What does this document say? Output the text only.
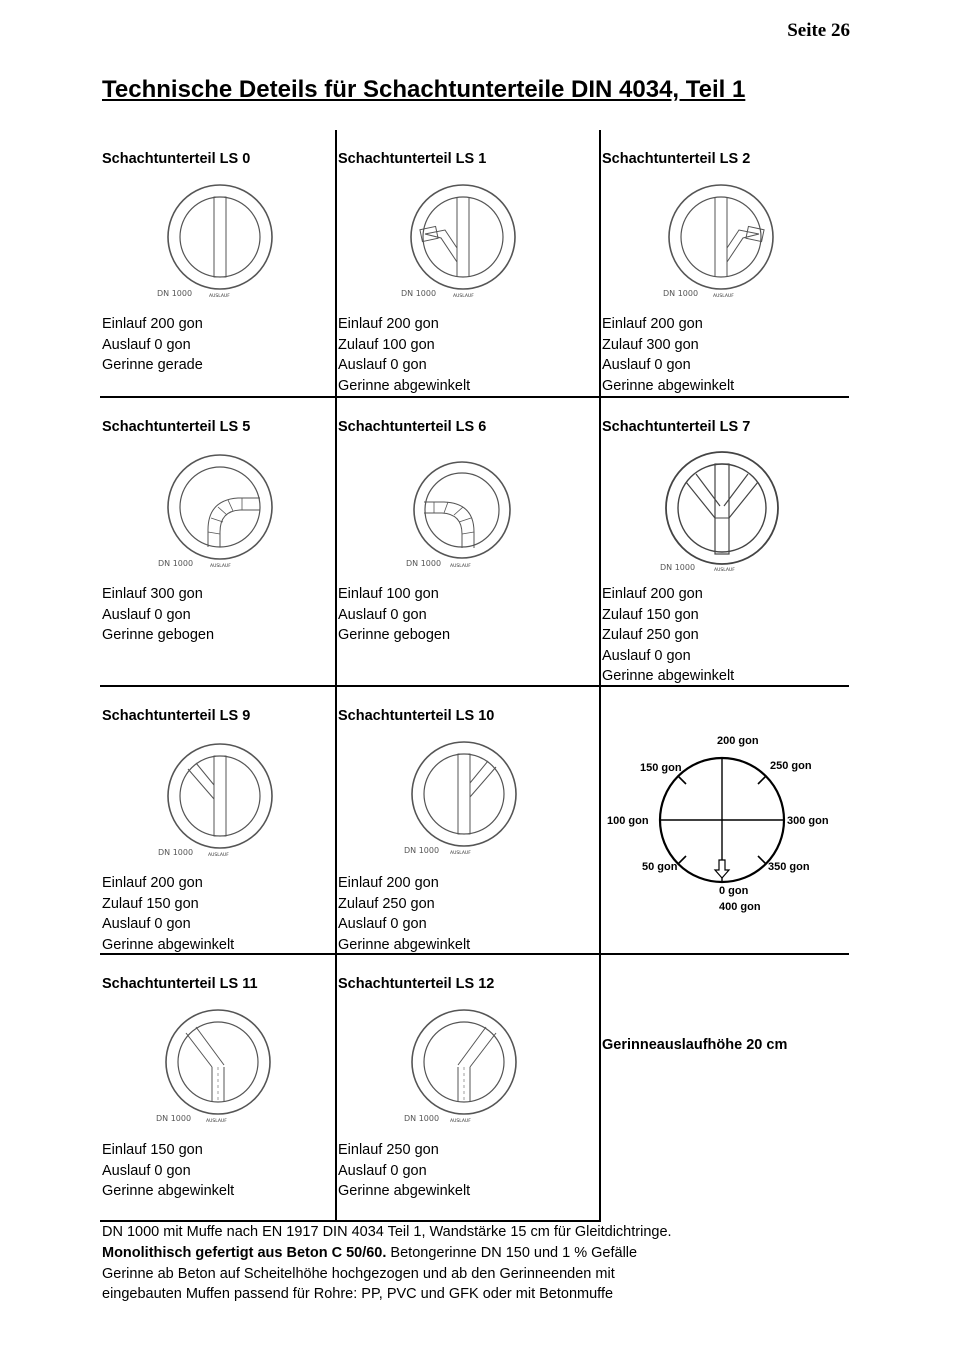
Seite 26
Technische Deteils für Schachtunterteile DIN 4034, Teil 1
Schachtunterteil LS 0
DN 1000	AUSLAUF
Einlauf 200 gon
Auslauf 0 gon
Gerinne gerade
Schachtunterteil LS 1
DN 1000	AUSLAUF
Einlauf 200 gon
Zulauf 100 gon
Auslauf 0 gon
Gerinne abgewinkelt
Schachtunterteil LS 2
DN 1000	AUSLAUF
Einlauf 200 gon
Zulauf 300 gon
Auslauf 0 gon
Gerinne abgewinkelt
Schachtunterteil LS 5
DN 1000	AUSLAUF
Einlauf 300 gon
Auslauf 0 gon
Gerinne gebogen
Schachtunterteil LS 6
DN 1000 AUSLAUF
Einlauf 100 gon
Auslauf 0 gon
Gerinne gebogen
Schachtunterteil LS 7
DN 1000	AUSLAUF
Einlauf 200 gon
Zulauf 150 gon
Zulauf 250 gon
Auslauf 0 gon
Gerinne abgewinkelt
Schachtunterteil LS 9
DN 1000	AUSLAUF
Einlauf 200 gon
Zulauf 150 gon
Auslauf 0 gon
Gerinne abgewinkelt
Schachtunterteil LS 10
DN 1000 AUSLAUF
Einlauf 200 gon
Zulauf 250 gon
Auslauf 0 gon
Gerinne abgewinkelt
200 gon
150 gon	250 gon
100 gon	300 gon
50 gon	350 gon
0 gon
400 gon
Schachtunterteil LS 11
DN 1000	AUSLAUF
Einlauf 150 gon
Auslauf 0 gon
Gerinne abgewinkelt
Schachtunterteil LS 12
DN 1000 AUSLAUF
Einlauf 250 gon
Auslauf 0 gon
Gerinne abgewinkelt
Gerinneauslaufhöhe 20 cm
DN 1000 mit Muffe nach EN 1917 DIN 4034 Teil 1, Wandstärke 15 cm für Gleitdichtringe.
Monolithisch gefertigt aus Beton C 50/60. Betongerinne DN 150 und 1 % Gefälle
Gerinne ab Beton auf Scheitelhöhe hochgezogen und ab den Gerinneenden mit
eingebauten Muffen passend für Rohre: PP, PVC und GFK oder mit Betonmuffe
